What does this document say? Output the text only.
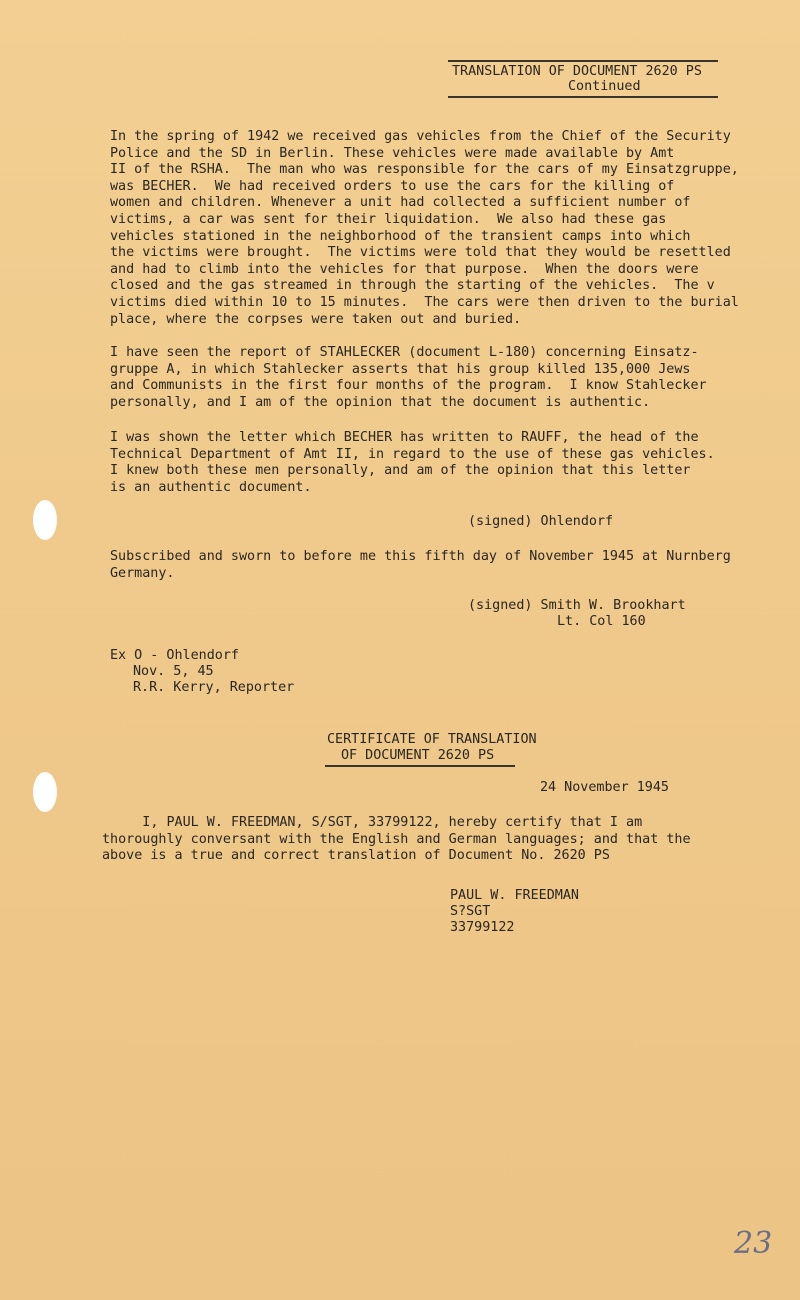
TRANSLATION OF DOCUMENT 2620 PS
Continued
In the spring of 1942 we received gas vehicles from the Chief of the Security
Police and the SD in Berlin. These vehicles were made available by Amt
II of the RSHA.  The man who was responsible for the cars of my Einsatzgruppe,
was BECHER.  We had received orders to use the cars for the killing of
women and children. Whenever a unit had collected a sufficient number of
victims, a car was sent for their liquidation.  We also had these gas
vehicles stationed in the neighborhood of the transient camps into which
the victims were brought.  The victims were told that they would be resettled
and had to climb into the vehicles for that purpose.  When the doors were
closed and the gas streamed in through the starting of the vehicles.  The v
victims died within 10 to 15 minutes.  The cars were then driven to the burial
place, where the corpses were taken out and buried.
I have seen the report of STAHLECKER (document L-180) concerning Einsatz-
gruppe A, in which Stahlecker asserts that his group killed 135,000 Jews
and Communists in the first four months of the program.  I know Stahlecker
personally, and I am of the opinion that the document is authentic.
I was shown the letter which BECHER has written to RAUFF, the head of the
Technical Department of Amt II, in regard to the use of these gas vehicles.
I knew both these men personally, and am of the opinion that this letter
is an authentic document.
(signed) Ohlendorf
Subscribed and sworn to before me this fifth day of November 1945 at Nurnberg
Germany.
(signed) Smith W. Brookhart
Lt. Col 160
Ex O - Ohlendorf
Nov. 5, 45
R.R. Kerry, Reporter
CERTIFICATE OF TRANSLATION
OF DOCUMENT 2620 PS
24 November 1945
I, PAUL W. FREEDMAN, S/SGT, 33799122, hereby certify that I am
thoroughly conversant with the English and German languages; and that the
above is a true and correct translation of Document No. 2620 PS
PAUL W. FREEDMAN
S?SGT
33799122
23
